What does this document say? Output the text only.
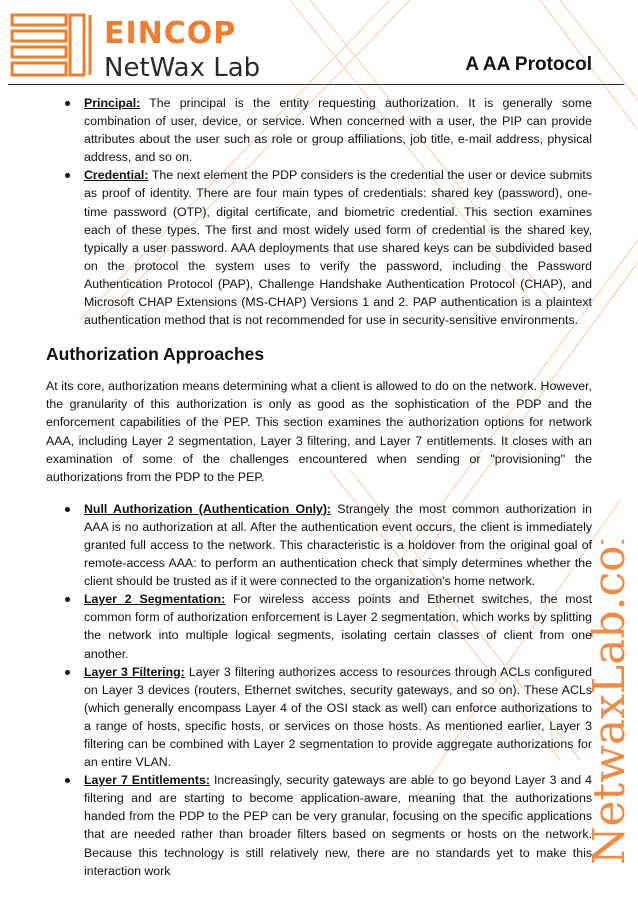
NetwaxLab.com
EINCOP
NetWax Lab	A AA Protocol
Principal: The principal is the entity requesting authorization. It is generally some combination of user, device, or service. When concerned with a user, the PIP can provide attributes about the user such as role or group affiliations, job title, e-mail address, physical address, and so on.
Credential: The next element the PDP considers is the credential the user or device submits as proof of identity. There are four main types of credentials: shared key (password), one-time password (OTP), digital certificate, and biometric credential. This section examines each of these types. The first and most widely used form of credential is the shared key, typically a user password. AAA deployments that use shared keys can be subdivided based on the protocol the system uses to verify the password, including the Password Authentication Protocol (PAP), Challenge Handshake Authentication Protocol (CHAP), and Microsoft CHAP Extensions (MS-CHAP) Versions 1 and 2. PAP authentication is a plaintext authentication method that is not recommended for use in security-sensitive environments.
Authorization Approaches

At its core, authorization means determining what a client is allowed to do on the network. However, the granularity of this authorization is only as good as the sophistication of the PDP and the enforcement capabilities of the PEP. This section examines the authorization options for network AAA, including Layer 2 segmentation, Layer 3 filtering, and Layer 7 entitlements. It closes with an examination of some of the challenges encountered when sending or "provisioning" the authorizations from the PDP to the PEP.

Null Authorization (Authentication Only): Strangely the most common authorization in AAA is no authorization at all. After the authentication event occurs, the client is immediately granted full access to the network. This characteristic is a holdover from the original goal of remote-access AAA: to perform an authentication check that simply determines whether the client should be trusted as if it were connected to the organization's home network.
Layer 2 Segmentation: For wireless access points and Ethernet switches, the most common form of authorization enforcement is Layer 2 segmentation, which works by splitting the network into multiple logical segments, isolating certain classes of client from one another.
Layer 3 Filtering: Layer 3 filtering authorizes access to resources through ACLs configured on Layer 3 devices (routers, Ethernet switches, security gateways, and so on). These ACLs (which generally encompass Layer 4 of the OSI stack as well) can enforce authorizations to a range of hosts, specific hosts, or services on those hosts. As mentioned earlier, Layer 3 filtering can be combined with Layer 2 segmentation to provide aggregate authorizations for an entire VLAN.
Layer 7 Entitlements: Increasingly, security gateways are able to go beyond Layer 3 and 4 filtering and are starting to become application-aware, meaning that the authorizations handed from the PDP to the PEP can be very granular, focusing on the specific applications that are needed rather than broader filters based on segments or hosts on the network. Because this technology is still relatively new, there are no standards yet to make this interaction work
